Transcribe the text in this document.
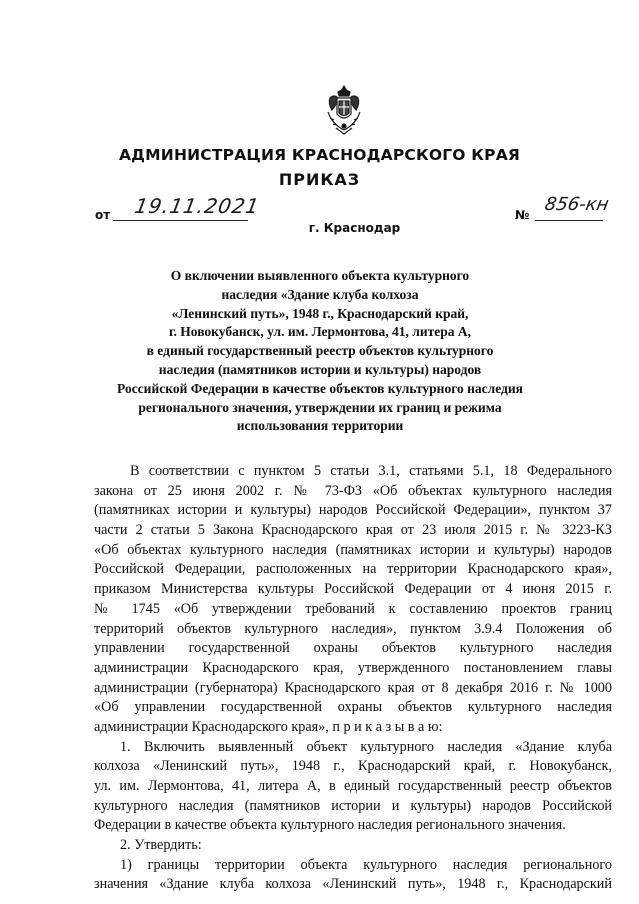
АДМИНИСТРАЦИЯ КРАСНОДАРСКОГО КРАЯ
ПРИКАЗ
от 19.11.2021	№ 856-кн
г. Краснодар
О включении выявленного объекта культурного
наследия «Здание клуба колхоза
«Ленинский путь», 1948 г., Краснодарский край,
г. Новокубанск, ул. им. Лермонтова, 41, литера А,
в единый государственный реестр объектов культурного
наследия (памятников истории и культуры) народов
Российской Федерации в качестве объектов культурного наследия
регионального значения, утверждении их границ и режима
использования территории
В соответствии с пунктом 5 статьи 3.1, статьями 5.1, 18 Федерального
закона от 25 июня 2002 г. № 73-ФЗ «Об объектах культурного наследия
(памятниках истории и культуры) народов Российской Федерации», пунктом 37
части 2 статьи 5 Закона Краснодарского края от 23 июля 2015 г. № 3223-КЗ
«Об объектах культурного наследия (памятниках истории и культуры) народов
Российской Федерации, расположенных на территории Краснодарского края»,
приказом Министерства культуры Российской Федерации от 4 июня 2015 г.
№ 1745 «Об утверждении требований к составлению проектов границ
территорий объектов культурного наследия», пунктом 3.9.4 Положения об
управлении государственной охраны объектов культурного наследия
администрации Краснодарского края, утвержденного постановлением главы
администрации (губернатора) Краснодарского края от 8 декабря 2016 г. № 1000
«Об управлении государственной охраны объектов культурного наследия
администрации Краснодарского края», п р и к а з ы в а ю:
1. Включить выявленный объект культурного наследия «Здание клуба
колхоза «Ленинский путь», 1948 г., Краснодарский край, г. Новокубанск,
ул. им. Лермонтова, 41, литера А, в единый государственный реестр объектов
культурного наследия (памятников истории и культуры) народов Российской
Федерации в качестве объекта культурного наследия регионального значения.
2. Утвердить:
1) границы территории объекта культурного наследия регионального
значения «Здание клуба колхоза «Ленинский путь», 1948 г., Краснодарский
